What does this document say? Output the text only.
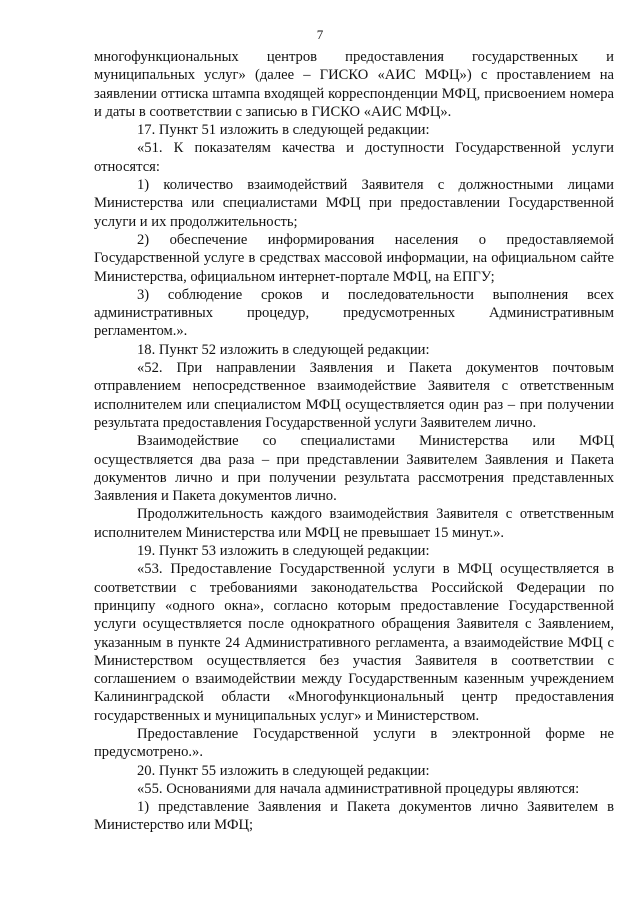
7

многофункциональных центров предоставления государственных и муниципальных услуг» (далее – ГИСКО «АИС МФЦ») с проставлением на заявлении оттиска штампа входящей корреспонденции МФЦ, присвоением номера и даты в соответствии с записью в ГИСКО «АИС МФЦ».

17. Пункт 51 изложить в следующей редакции:

«51. К показателям качества и доступности Государственной услуги относятся:

1) количество взаимодействий Заявителя с должностными лицами Министерства или специалистами МФЦ при предоставлении Государственной услуги и их продолжительность;

2) обеспечение информирования населения о предоставляемой Государственной услуге в средствах массовой информации, на официальном сайте Министерства, официальном интернет-портале МФЦ, на ЕПГУ;

3) соблюдение сроков и последовательности выполнения всех административных процедур, предусмотренных Административным регламентом.».

18. Пункт 52 изложить в следующей редакции:

«52. При направлении Заявления и Пакета документов почтовым отправлением непосредственное взаимодействие Заявителя с ответственным исполнителем или специалистом МФЦ осуществляется один раз – при получении результата предоставления Государственной услуги Заявителем лично.

Взаимодействие со специалистами Министерства или МФЦ осуществляется два раза – при представлении Заявителем Заявления и Пакета документов лично и при получении результата рассмотрения представленных Заявления и Пакета документов лично.

Продолжительность каждого взаимодействия Заявителя с ответственным исполнителем Министерства или МФЦ не превышает 15 минут.».

19. Пункт 53 изложить в следующей редакции:

«53. Предоставление Государственной услуги в МФЦ осуществляется в соответствии с требованиями законодательства Российской Федерации по принципу «одного окна», согласно которым предоставление Государственной услуги осуществляется после однократного обращения Заявителя с Заявлением, указанным в пункте 24 Административного регламента, а взаимодействие МФЦ с Министерством осуществляется без участия Заявителя в соответствии с соглашением о взаимодействии между Государственным казенным учреждением Калининградской области «Многофункциональный центр предоставления государственных и муниципальных услуг» и Министерством.

Предоставление Государственной услуги в электронной форме не предусмотрено.».

20. Пункт 55 изложить в следующей редакции:

«55. Основаниями для начала административной процедуры являются:

1) представление Заявления и Пакета документов лично Заявителем в Министерство или МФЦ;
